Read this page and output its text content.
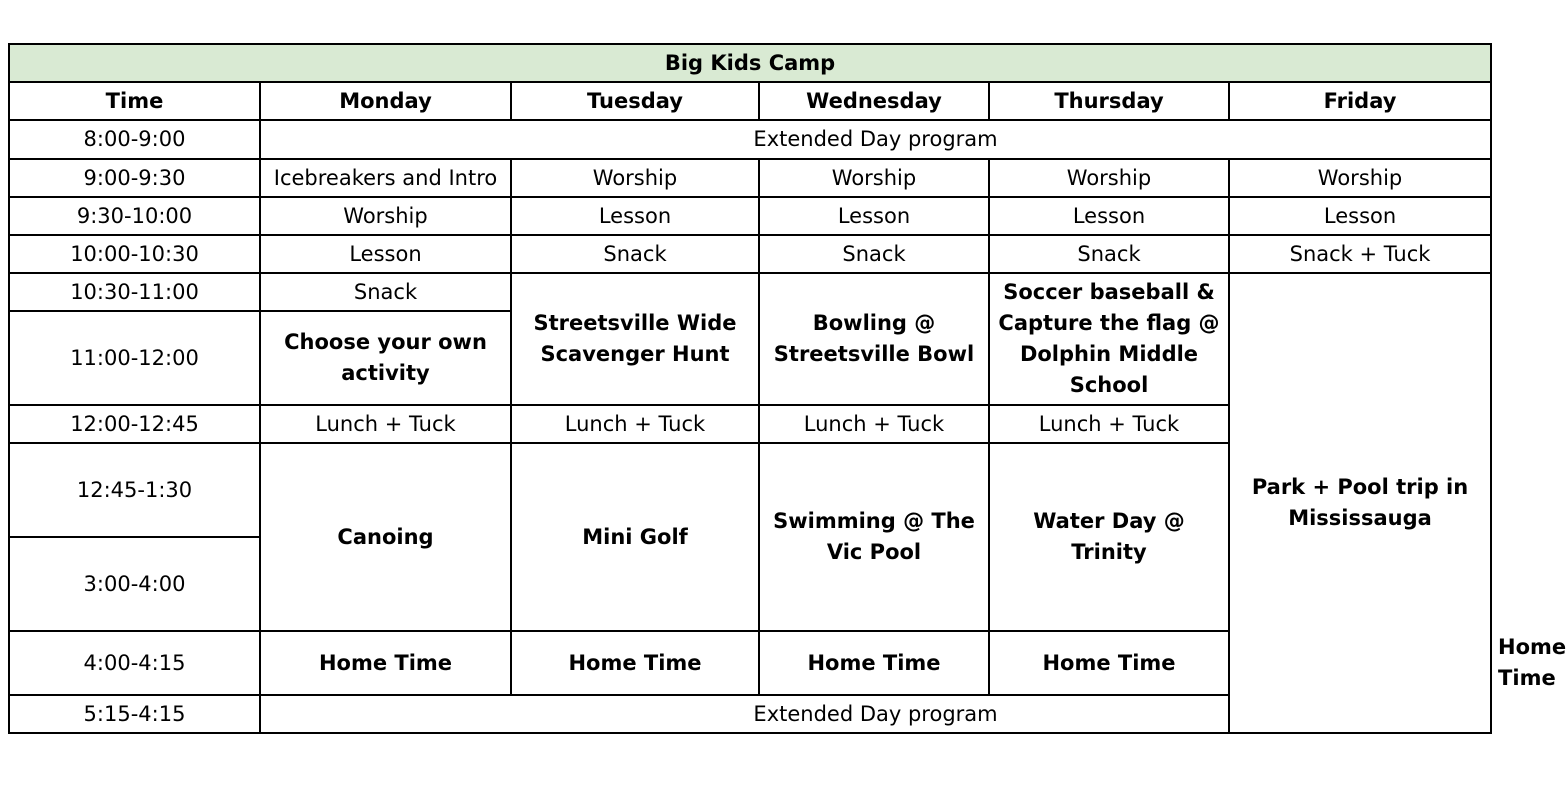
Big Kids Camp						
Time	Monday	Tuesday	Wednesday	Thursday	Friday	
8:00-9:00	Extended Day program					
9:00-9:30	Icebreakers and Intro	Worship	Worship	Worship	Worship	
9:30-10:00	Worship	Lesson	Lesson	Lesson	Lesson	
10:00-10:30	Lesson	Snack	Snack	Snack	Snack + Tuck	
10:30-11:00	Snack	Streetsville Wide Scavenger Hunt	Bowling @ Streetsville Bowl	Soccer baseball & Capture the flag @ Dolphin Middle School	Park + Pool trip in Mississauga	
11:00-12:00	Choose your own activity					
12:00-12:45	Lunch + Tuck	Lunch + Tuck	Lunch + Tuck	Lunch + Tuck		
12:45-1:30	Canoing	Mini Golf	Swimming @ The Vic Pool	Water Day @ Trinity		
3:00-4:00						
4:00-4:15	Home Time	Home Time	Home Time	Home Time		Home Time
5:15-4:15	Extended Day program					
